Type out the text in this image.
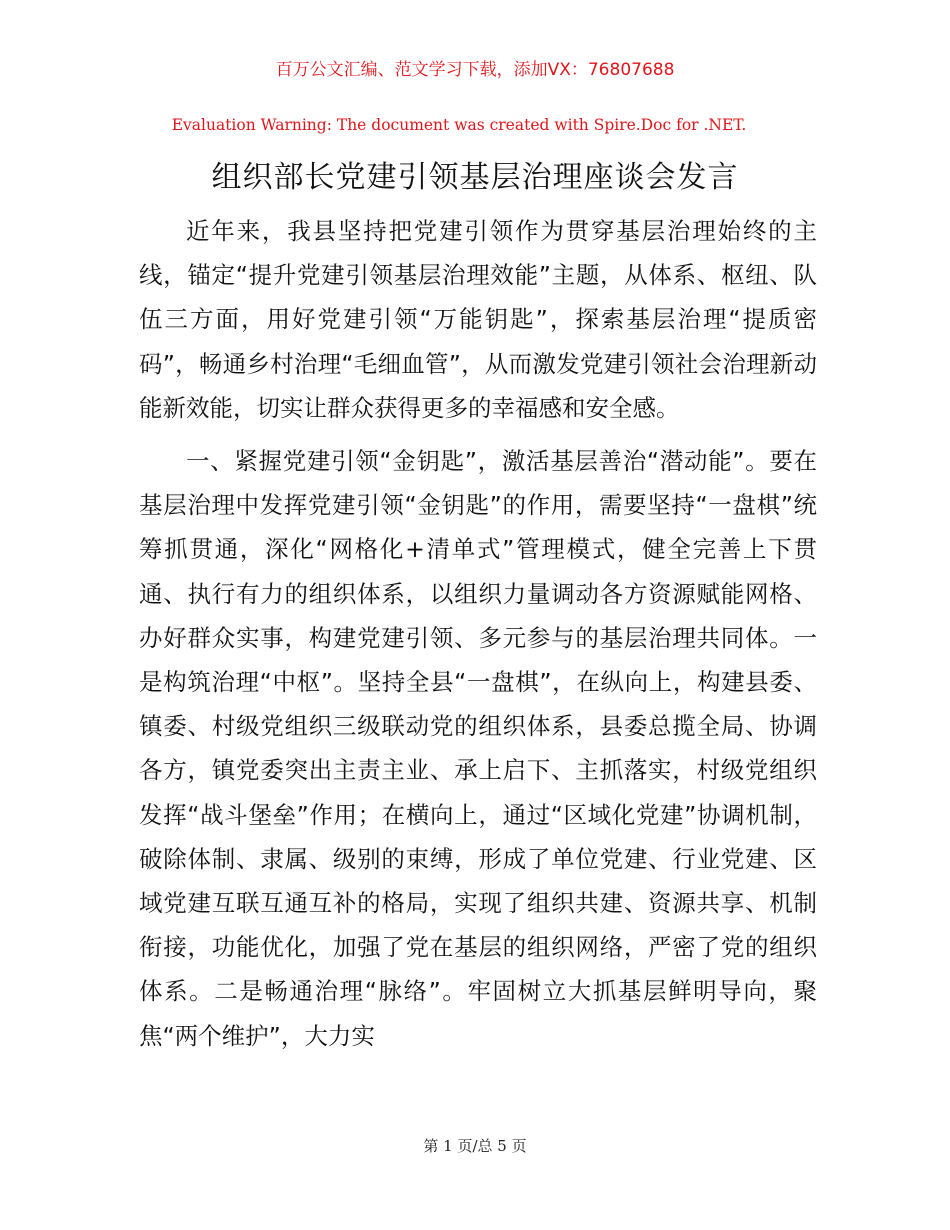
百万公文汇编、范文学习下载，添加VX：76807688
Evaluation Warning: The document was created with Spire.Doc for .NET.
组织部长党建引领基层治理座谈会发言

近年来，我县坚持把党建引领作为贯穿基层治理始终的主线，锚定“提升党建引领基层治理效能”主题，从体系、枢纽、队伍三方面，用好党建引领“万能钥匙”，探索基层治理“提质密码”，畅通乡村治理“毛细血管”，从而激发党建引领社会治理新动能新效能，切实让群众获得更多的幸福感和安全感。

一、紧握党建引领“金钥匙”，激活基层善治“潜动能”。要在基层治理中发挥党建引领“金钥匙”的作用，需要坚持“一盘棋”统筹抓贯通，深化“网格化+清单式”管理模式，健全完善上下贯通、执行有力的组织体系，以组织力量调动各方资源赋能网格、办好群众实事，构建党建引领、多元参与的基层治理共同体。一是构筑治理“中枢”。坚持全县“一盘棋”，在纵向上，构建县委、镇委、村级党组织三级联动党的组织体系，县委总揽全局、协调各方，镇党委突出主责主业、承上启下、主抓落实，村级党组织发挥“战斗堡垒”作用；在横向上，通过“区域化党建”协调机制，破除体制、隶属、级别的束缚，形成了单位党建、行业党建、区域党建互联互通互补的格局，实现了组织共建、资源共享、机制衔接，功能优化，加强了党在基层的组织网络，严密了党的组织体系。二是畅通治理“脉络”。牢固树立大抓基层鲜明导向，聚焦“两个维护”，大力实

第 1 页/总 5 页
